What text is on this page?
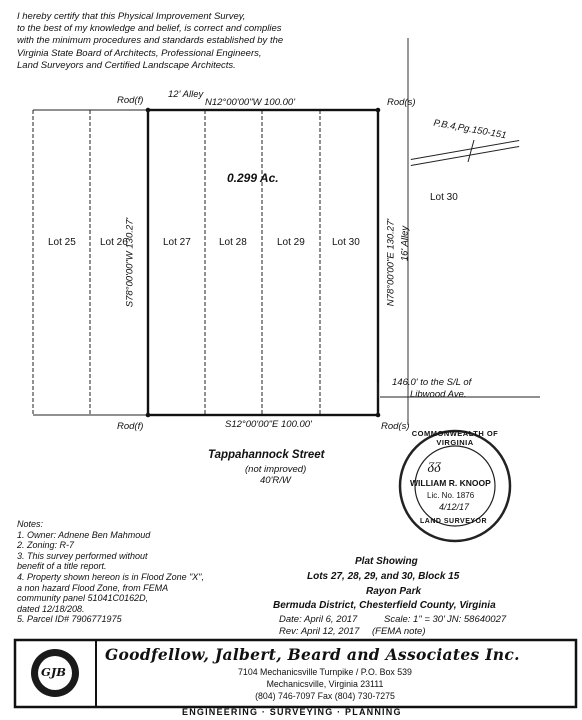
I hereby certify that this Physical Improvement Survey,
to the best of my knowledge and belief, is correct and complies
with the minimum procedures and standards established by the
Virginia State Board of Architects, Professional Engineers,
Land Surveyors and Certified Landscape Architects.
Rod(f)	Rod(s)
Rod(f)	Rod(s)
12' Alley
N12°00'00"W 100.00'
S12°00'00"E 100.00'
S78°00'00"W 130.27'	N78°00'00"E 130.27' 16' Alley
0.299 Ac.
Lot 25 Lot 26	Lot 27	Lot 28	Lot 29	Lot 30
Lot 30
P.B.4,Pg.150-151
146.0' to the S/L of
Libwood Ave.
Tappahannock Street
(not improved)
40'R/W
COMMONWEALTH OF VIRGINIA
ᵹᵹ
WILLIAM R. KNOOP
Lic. No. 1876
4/12/17
LAND SURVEYOR
Notes:
1. Owner: Adnene Ben Mahmoud
2. Zoning: R-7
3. This survey performed without
benefit of a title report.
4. Property shown hereon is in Flood Zone "X",
a non hazard Flood Zone, from FEMA
community panel 51041C0162D,
dated 12/18/208.
5. Parcel ID# 7906771975
Plat Showing
Lots 27, 28, 29, and 30, Block 15
Rayon Park
Bermuda District, Chesterfield County, Virginia
Date: April 6, 2017	Scale: 1" = 30' JN: 58640027
Rev: April 12, 2017 (FEMA note)
GJB
Goodfellow, Jalbert, Beard and Associates Inc.
7104 Mechanicsville Turnpike / P.O. Box 539
Mechanicsville, Virginia 23111
(804) 746-7097 Fax (804) 730-7275
ENGINEERING · SURVEYING · PLANNING
